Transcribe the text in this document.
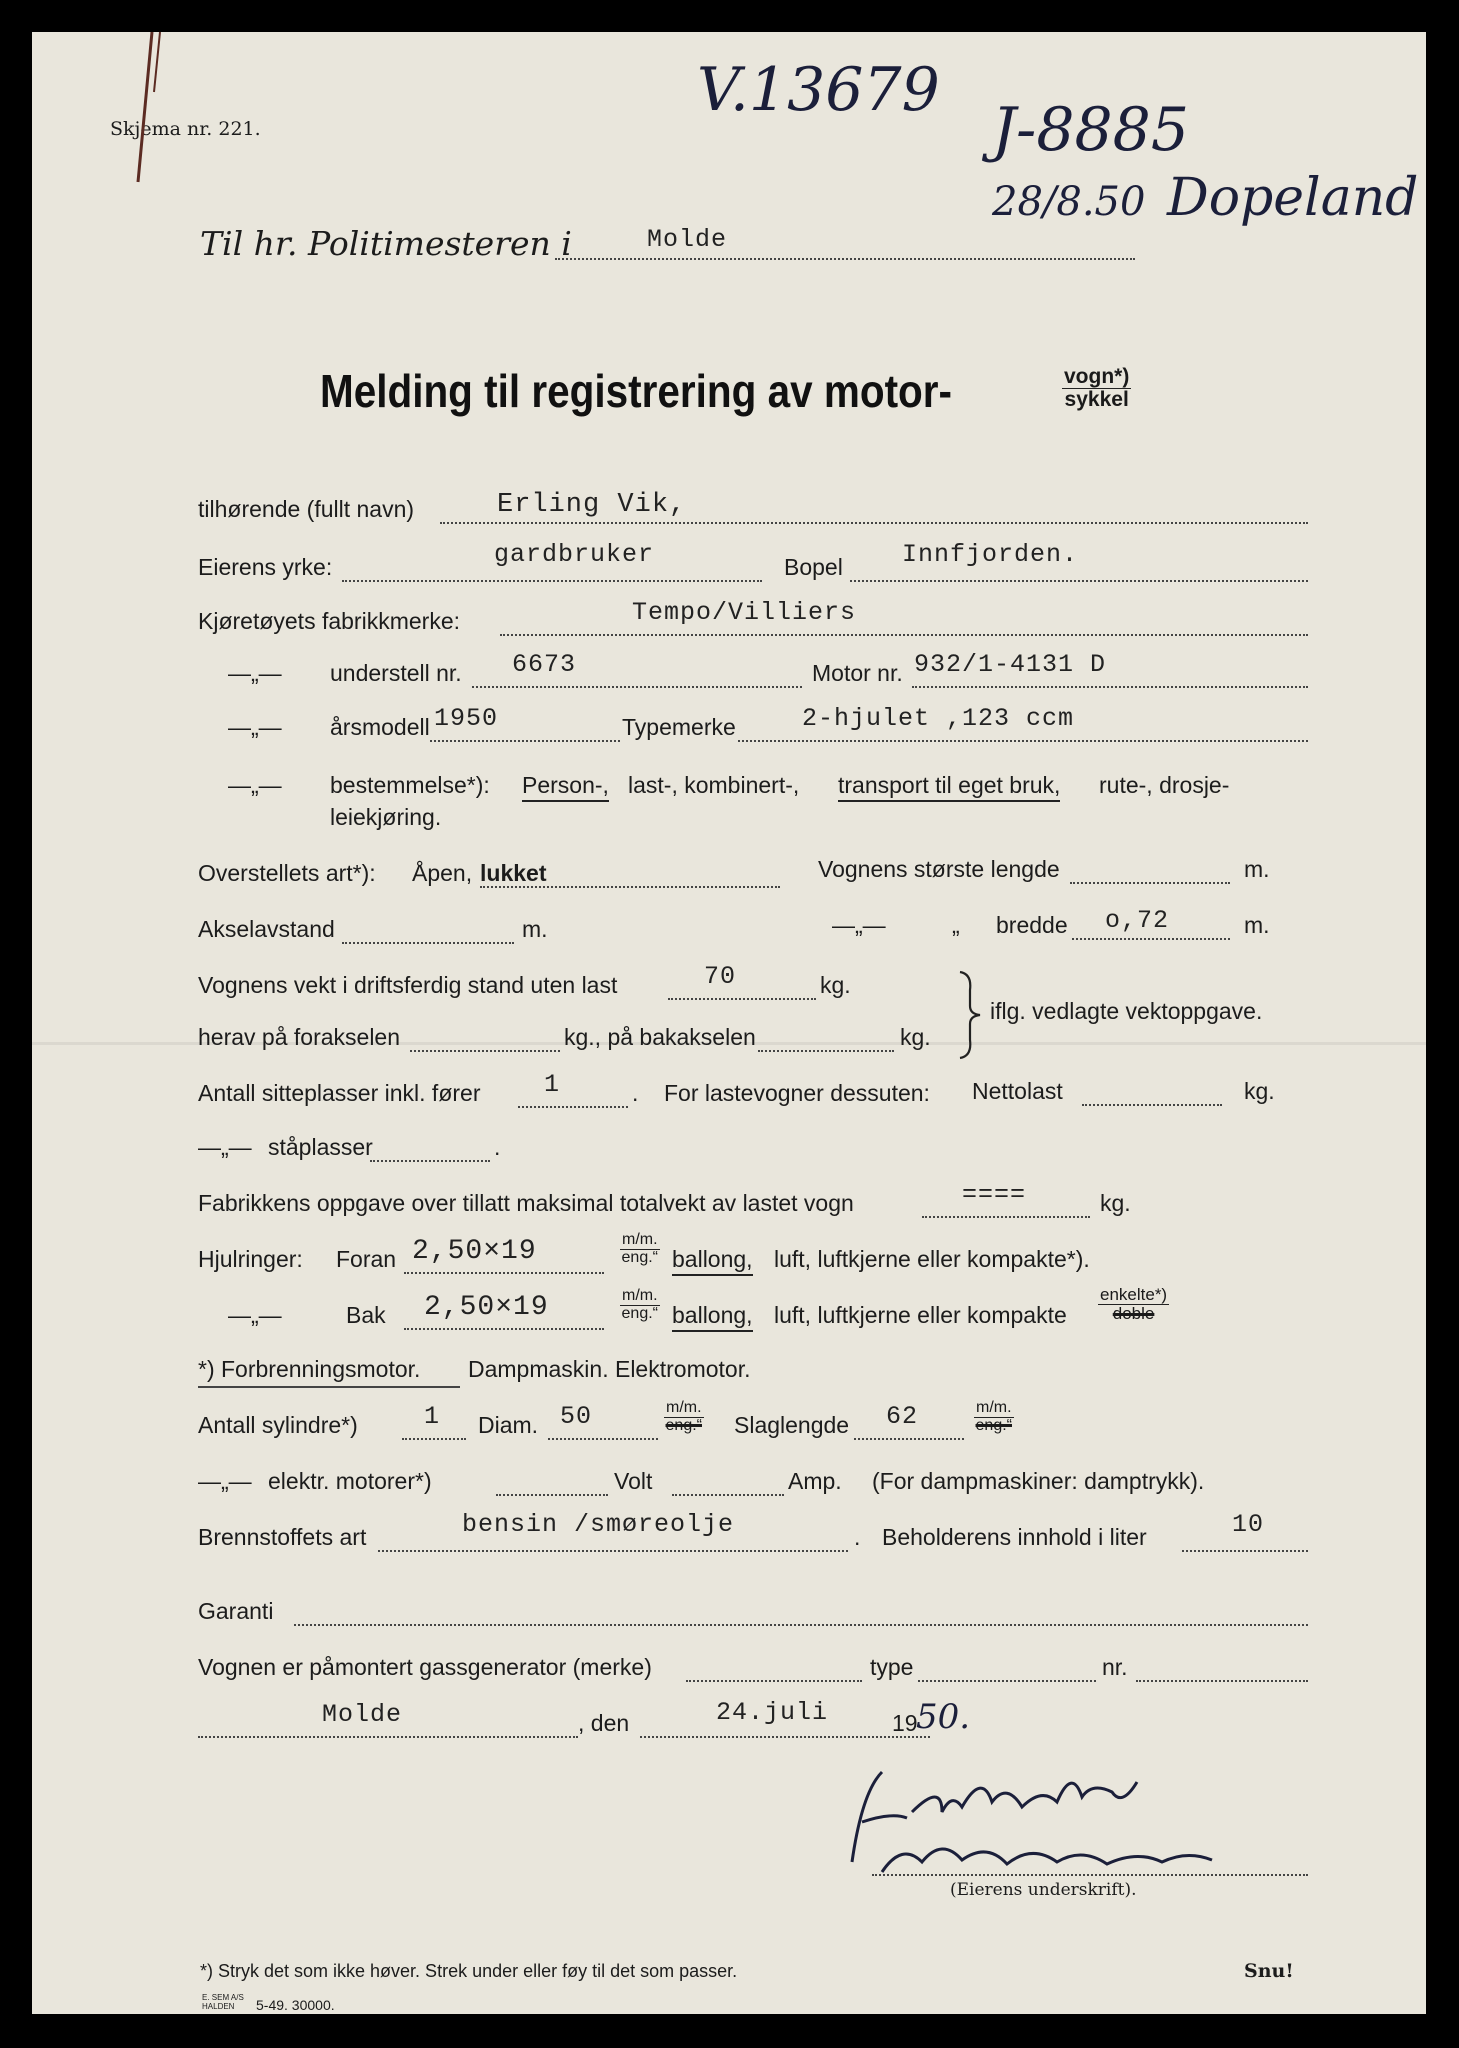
Skjema nr. 221.
V.13679
J-8885
28/8.50 Dopeland
Til hr. Politimesteren i	Molde
Melding til registrering av motor-	vogn*)
sykkel
tilhørende (fullt navn)	Erling Vik,
Eierens yrke:	gardbruker	Bopel Innfjorden.
Kjøretøyets fabrikkmerke:	Tempo/Villiers
—„— understell nr. 6673	Motor nr. 932/1-4131 D
—„— årsmodell 1950	Typemerke	2-hjulet ,123 ccm
—„— bestemmelse*): Person-, last-, kombinert-, transport til eget bruk, rute-, drosje-
leiekjøring.
Overstellets art*): Åpen, lukket	Vognens største lengde	m.
Akselavstand	m.	—„—	„ bredde o,72	m.
Vognens vekt i driftsferdig stand uten last	70	kg.
herav på forakselen	kg., på bakakselen	kg.
iflg. vedlagte vektoppgave.
Antall sitteplasser inkl. fører	1	. For lastevogner dessuten: Nettolast	kg.
—„— ståplasser	.
Fabrikkens oppgave over tillatt maksimal totalvekt av lastet vogn	====	kg.
Hjulringer: Foran 2,50×19	m/m.
eng.“ ballong, luft, luftkjerne eller kompakte*).
—„—	Bak 2,50×19	m/m.
eng.“ ballong, luft, luftkjerne eller kompakte
enkelte*)
doble
*) Forbrenningsmotor. Dampmaskin. Elektromotor.
Antall sylindre*)	1 Diam. 50	m/m.
eng.“ Slaglengde 62	m/m.
eng.“
—„— elektr. motorer*)	Volt	Amp. (For dampmaskiner: damptrykk).
Brennstoffets art	bensin /smøreolje	. Beholderens innhold i liter	10
Garanti
Vognen er påmontert gassgenerator (merke)	type	nr.
Molde	, den	24.juli	19
50.
(Eierens underskrift).
*) Stryk det som ikke høver. Strek under eller føy til det som passer.	Snu!
E. SEM A/S
HALDEN	5-49. 30000.
